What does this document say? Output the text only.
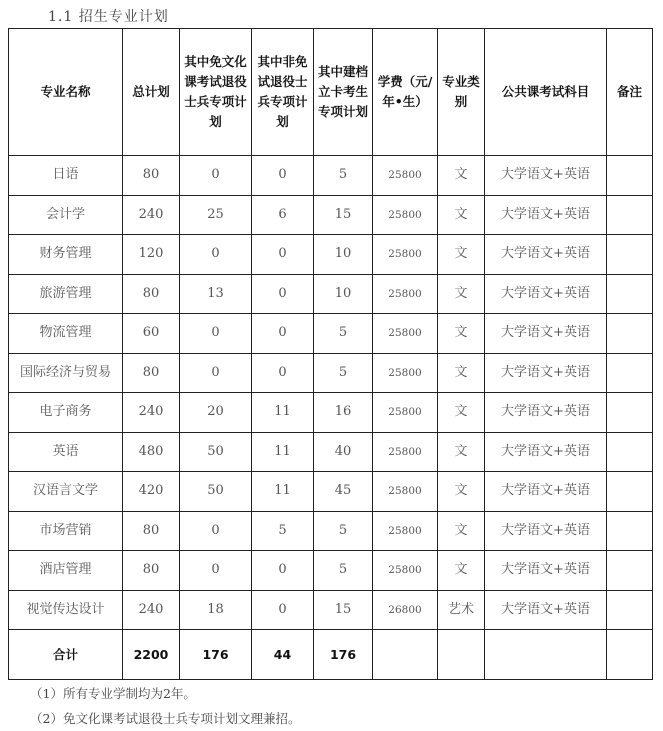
1.1 招生专业计划
专业名称	总计划	其中免文化课考试退役士兵专项计划	其中非免试退役士兵专项计划	其中建档立卡考生专项计划	学费（元/年•生）	专业类别	公共课考试科目	备注
日语	80	0	0	5	25800	文	大学语文+英语	
会计学	240	25	6	15	25800	文	大学语文+英语	
财务管理	120	0	0	10	25800	文	大学语文+英语	
旅游管理	80	13	0	10	25800	文	大学语文+英语	
物流管理	60	0	0	5	25800	文	大学语文+英语	
国际经济与贸易	80	0	0	5	25800	文	大学语文+英语	
电子商务	240	20	11	16	25800	文	大学语文+英语	
英语	480	50	11	40	25800	文	大学语文+英语	
汉语言文学	420	50	11	45	25800	文	大学语文+英语	
市场营销	80	0	5	5	25800	文	大学语文+英语	
酒店管理	80	0	0	5	25800	文	大学语文+英语	
视觉传达设计	240	18	0	15	26800	艺术	大学语文+英语	
合计	2200	176	44	176				
（1）所有专业学制均为2年。
（2）免文化课考试退役士兵专项计划文理兼招。
